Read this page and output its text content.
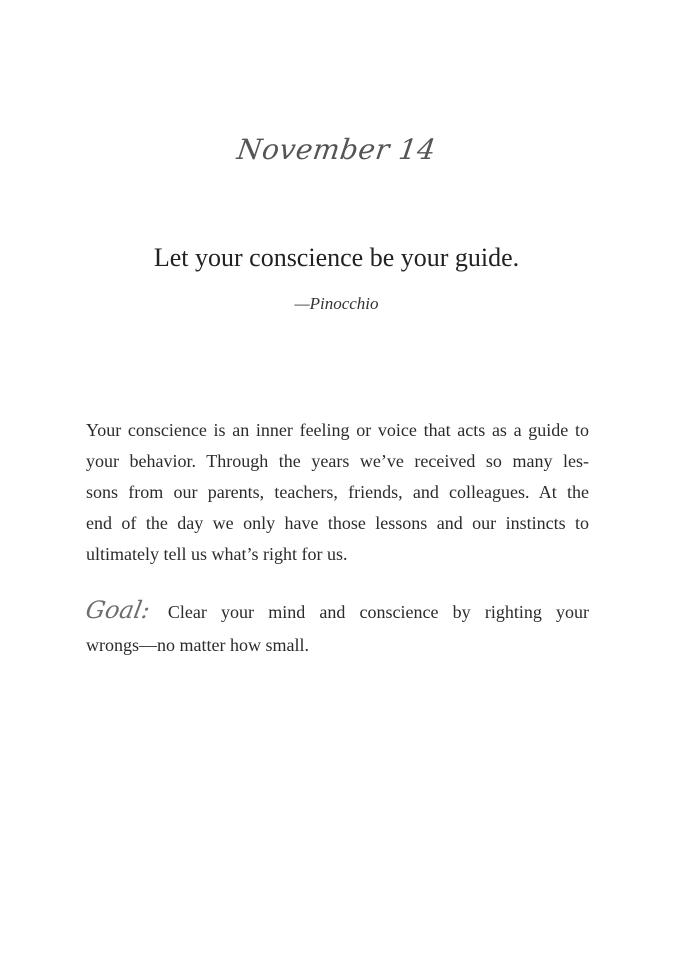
November 14
Let your conscience be your guide.
—Pinocchio
Your conscience is an inner feeling or voice that acts as a guide to
your behavior. Through the years we’ve received so many les-
sons from our parents, teachers, friends, and colleagues. At the
end of the day we only have those lessons and our instincts to
ultimately tell us what’s right for us.
Goal: Clear your mind and conscience by righting your
wrongs—no matter how small.
